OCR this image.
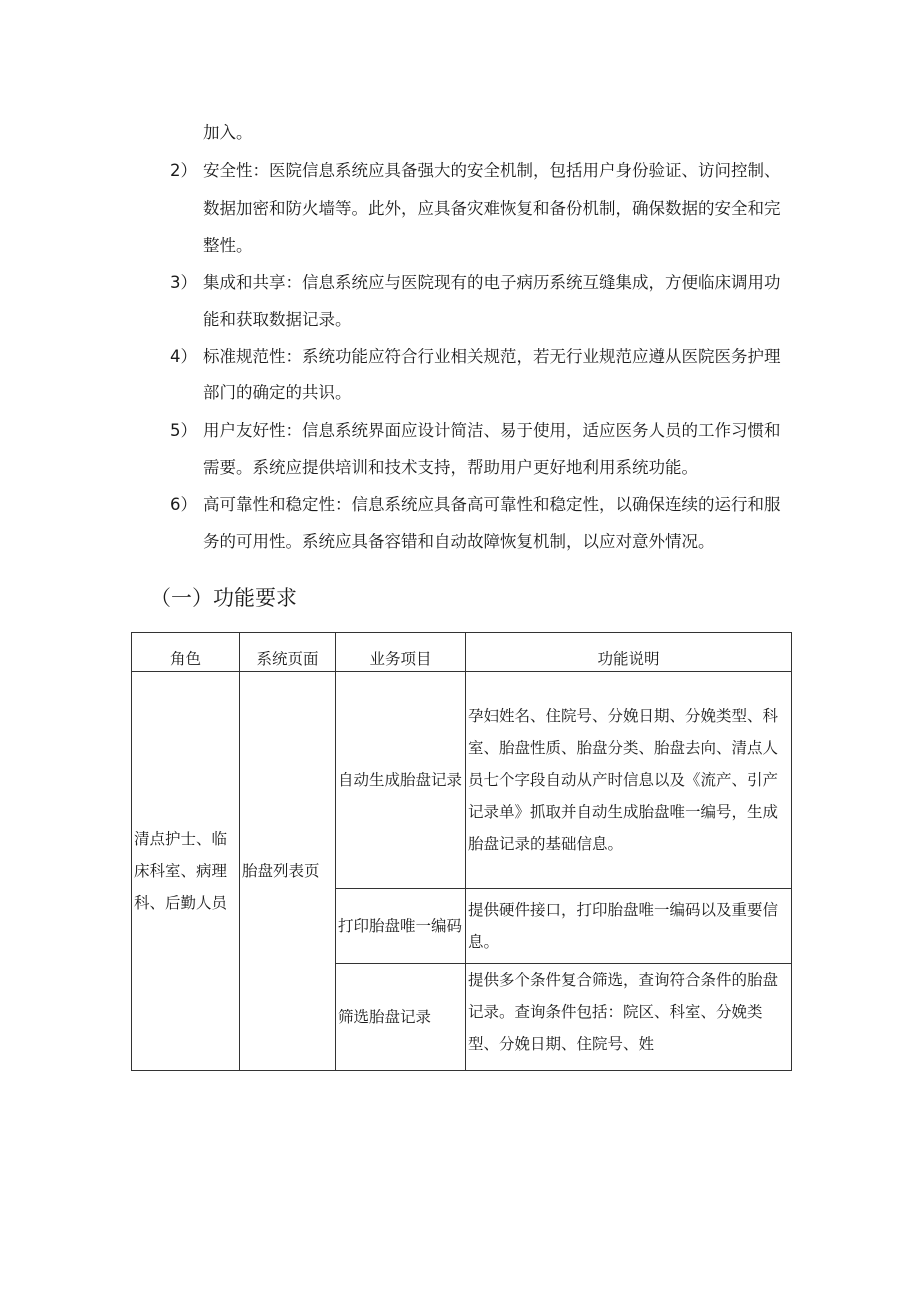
加入。
2） 安全性：医院信息系统应具备强大的安全机制，包括用户身份验证、访问控制、
数据加密和防火墙等。此外，应具备灾难恢复和备份机制，确保数据的安全和完
整性。
3） 集成和共享：信息系统应与医院现有的电子病历系统互缝集成，方便临床调用功
能和获取数据记录。
4） 标准规范性：系统功能应符合行业相关规范，若无行业规范应遵从医院医务护理
部门的确定的共识。
5） 用户友好性：信息系统界面应设计简洁、易于使用，适应医务人员的工作习惯和
需要。系统应提供培训和技术支持，帮助用户更好地利用系统功能。
6） 高可靠性和稳定性：信息系统应具备高可靠性和稳定性，以确保连续的运行和服
务的可用性。系统应具备容错和自动故障恢复机制，以应对意外情况。
（一）功能要求
角色	系统页面	业务项目	功能说明

清点护士、临床科室、病理科、后勤人员	胎盘列表页	自动生成胎盘记录	孕妇姓名、住院号、分娩日期、分娩类型、科室、胎盘性质、胎盘分类、胎盘去向、清点人员七个字段自动从产时信息以及《流产、引产记录单》抓取并自动生成胎盘唯一编号，生成胎盘记录的基础信息。

		打印胎盘唯一编码	提供硬件接口，打印胎盘唯一编码以及重要信息。

		筛选胎盘记录	提供多个条件复合筛选，查询符合条件的胎盘记录。查询条件包括：院区、科室、分娩类型、分娩日期、住院号、姓
